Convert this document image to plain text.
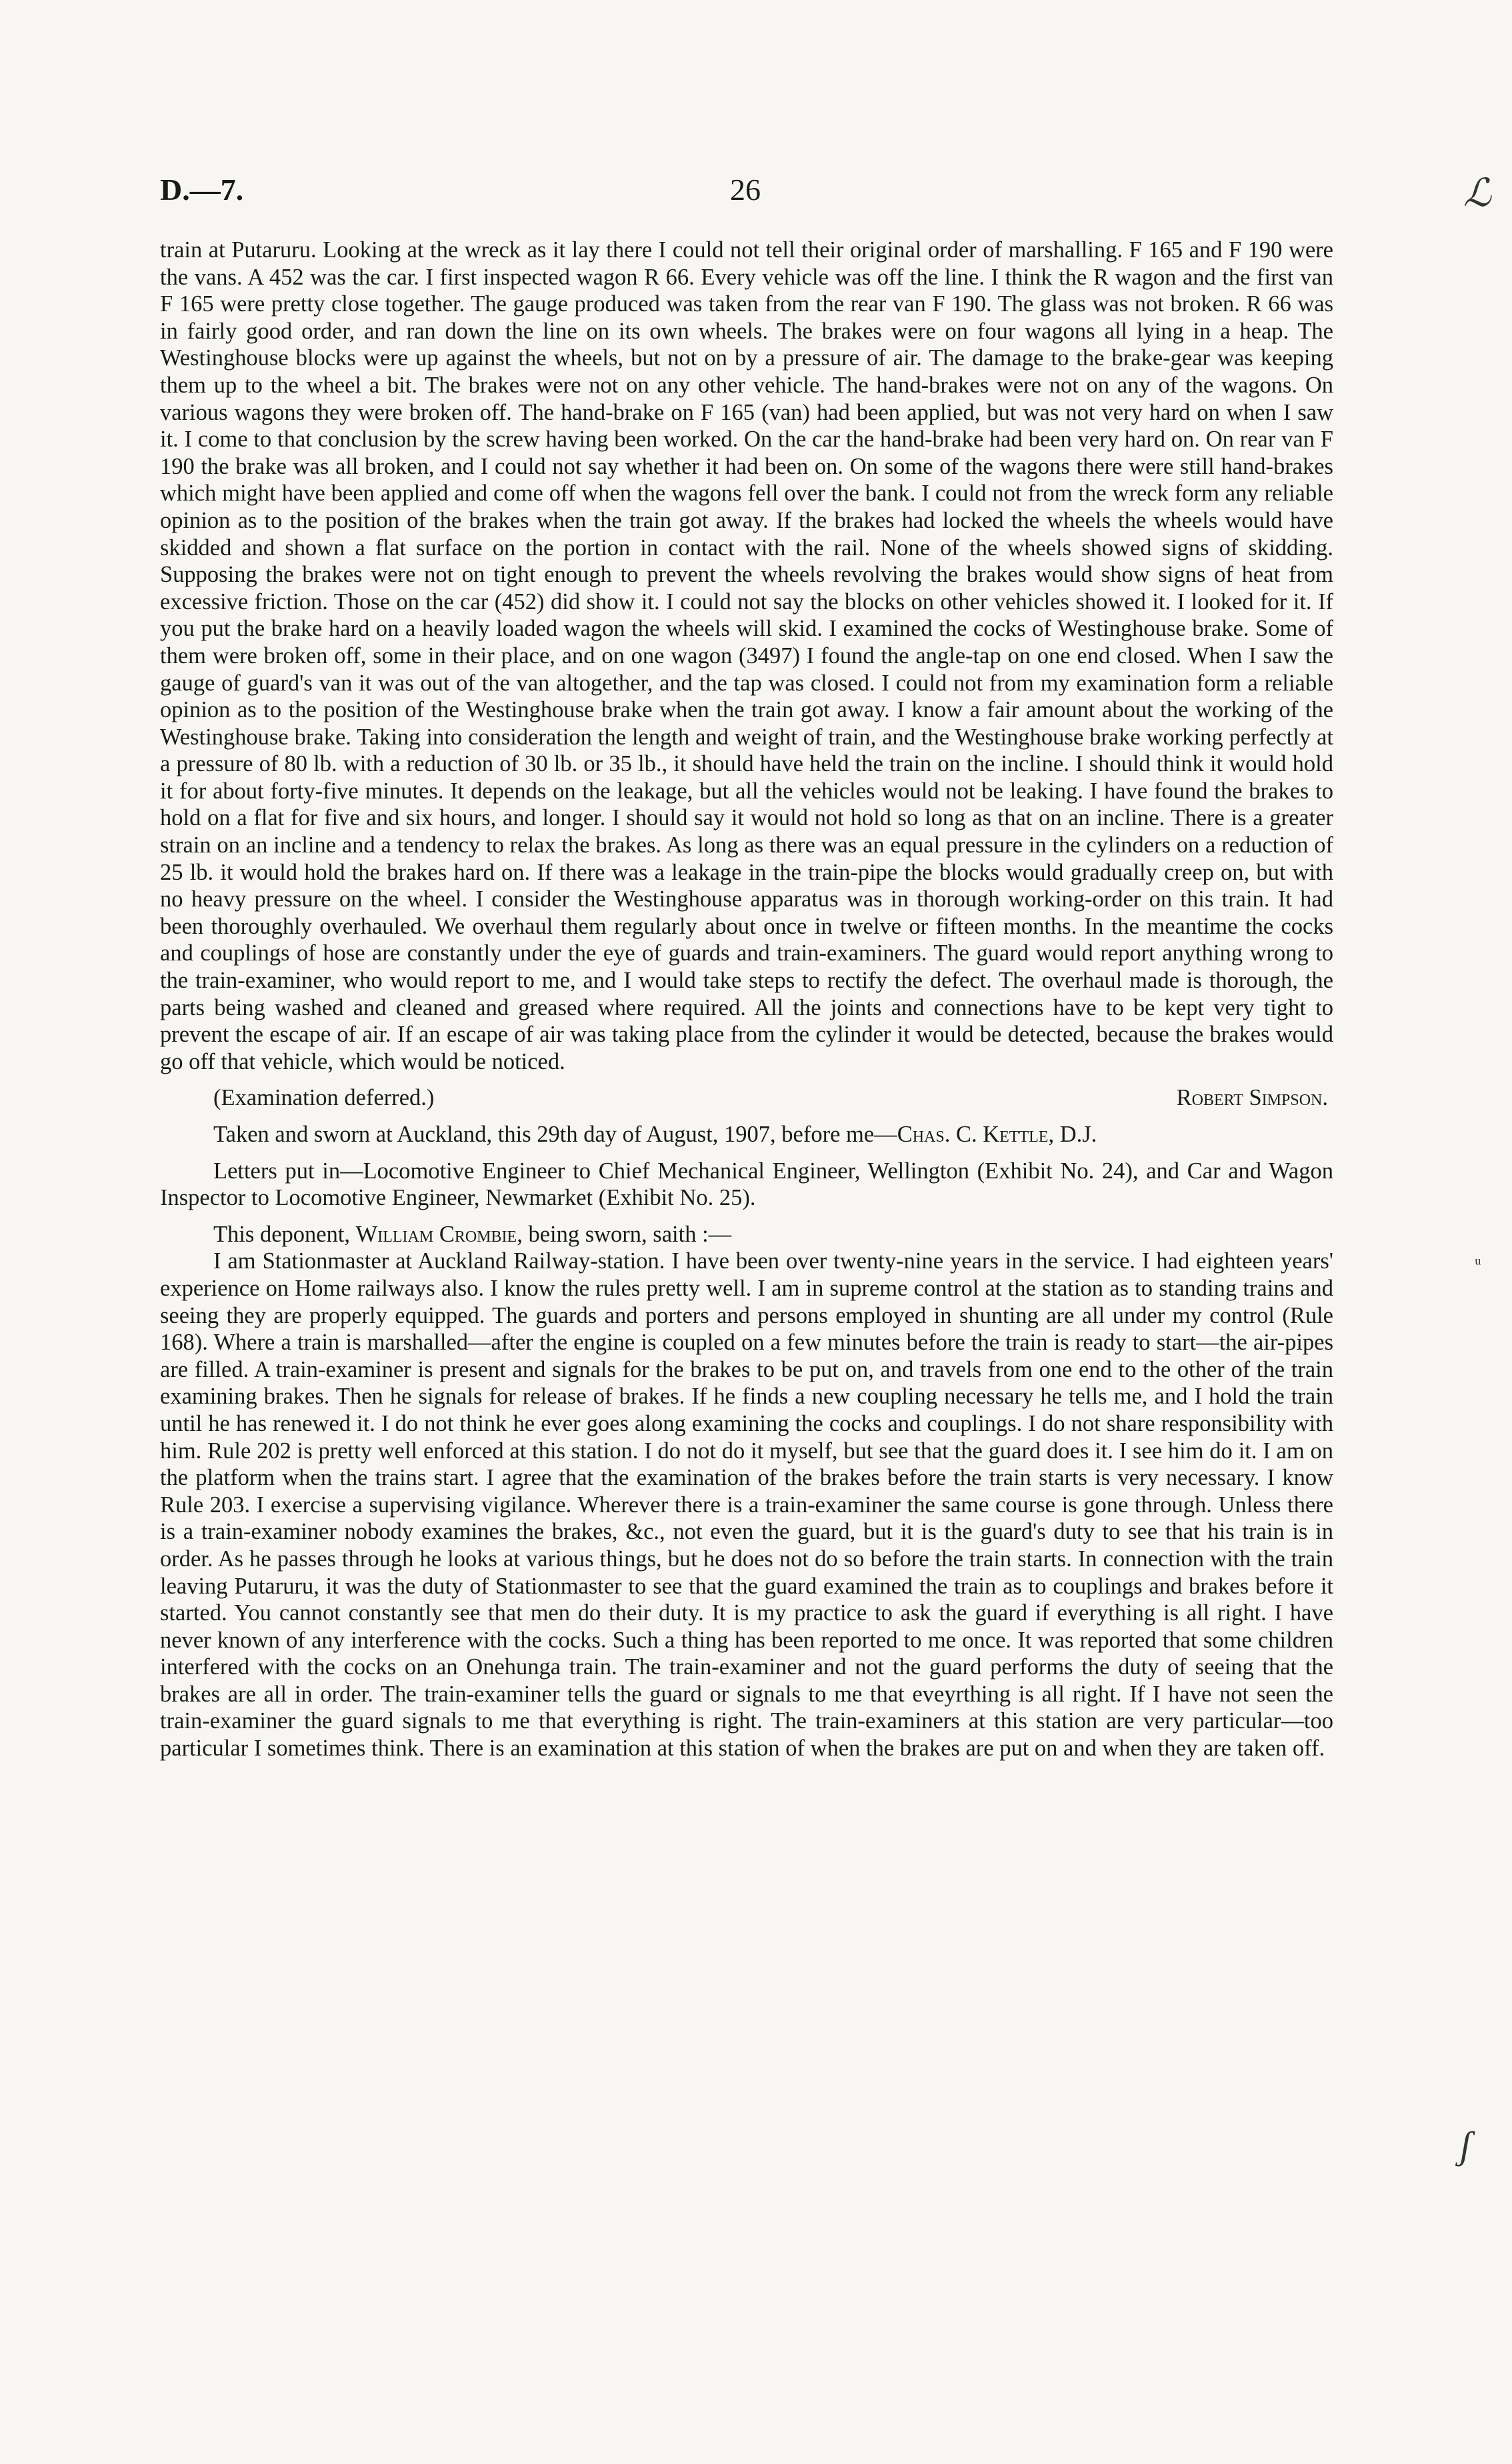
D.—7.	26	ℒ
ᵘ
ʃ

train at Putaruru. Looking at the wreck as it lay there I could not tell their original order of marshalling. F 165 and F 190 were the vans. A 452 was the car. I first inspected wagon R 66. Every vehicle was off the line. I think the R wagon and the first van F 165 were pretty close together. The gauge produced was taken from the rear van F 190. The glass was not broken. R 66 was in fairly good order, and ran down the line on its own wheels. The brakes were on four wagons all lying in a heap. The Westinghouse blocks were up against the wheels, but not on by a pressure of air. The damage to the brake-gear was keeping them up to the wheel a bit. The brakes were not on any other vehicle. The hand-brakes were not on any of the wagons. On various wagons they were broken off. The hand-brake on F 165 (van) had been applied, but was not very hard on when I saw it. I come to that conclusion by the screw having been worked. On the car the hand-brake had been very hard on. On rear van F 190 the brake was all broken, and I could not say whether it had been on. On some of the wagons there were still hand-brakes which might have been applied and come off when the wagons fell over the bank. I could not from the wreck form any reliable opinion as to the position of the brakes when the train got away. If the brakes had locked the wheels the wheels would have skidded and shown a flat surface on the portion in contact with the rail. None of the wheels showed signs of skidding. Supposing the brakes were not on tight enough to prevent the wheels revolving the brakes would show signs of heat from excessive friction. Those on the car (452) did show it. I could not say the blocks on other vehicles showed it. I looked for it. If you put the brake hard on a heavily loaded wagon the wheels will skid. I examined the cocks of Westinghouse brake. Some of them were broken off, some in their place, and on one wagon (3497) I found the angle-tap on one end closed. When I saw the gauge of guard's van it was out of the van altogether, and the tap was closed. I could not from my examination form a reliable opinion as to the position of the Westinghouse brake when the train got away. I know a fair amount about the working of the Westinghouse brake. Taking into consideration the length and weight of train, and the Westinghouse brake working perfectly at a pressure of 80 lb. with a reduction of 30 lb. or 35 lb., it should have held the train on the incline. I should think it would hold it for about forty-five minutes. It depends on the leakage, but all the vehicles would not be leaking. I have found the brakes to hold on a flat for five and six hours, and longer. I should say it would not hold so long as that on an incline. There is a greater strain on an incline and a tendency to relax the brakes. As long as there was an equal pressure in the cylinders on a reduction of 25 lb. it would hold the brakes hard on. If there was a leakage in the train-pipe the blocks would gradually creep on, but with no heavy pressure on the wheel. I consider the Westinghouse apparatus was in thorough working-order on this train. It had been thoroughly overhauled. We overhaul them regularly about once in twelve or fifteen months. In the meantime the cocks and couplings of hose are constantly under the eye of guards and train-examiners. The guard would report anything wrong to the train-examiner, who would report to me, and I would take steps to rectify the defect. The overhaul made is thorough, the parts being washed and cleaned and greased where required. All the joints and connections have to be kept very tight to prevent the escape of air. If an escape of air was taking place from the cylinder it would be detected, because the brakes would go off that vehicle, which would be noticed.

(Examination deferred.)	Robert Simpson.

Taken and sworn at Auckland, this 29th day of August, 1907, before me—Chas. C. Kettle, D.J.

Letters put in—Locomotive Engineer to Chief Mechanical Engineer, Wellington (Exhibit No. 24), and Car and Wagon Inspector to Locomotive Engineer, Newmarket (Exhibit No. 25).

This deponent, William Crombie, being sworn, saith :—

I am Stationmaster at Auckland Railway-station. I have been over twenty-nine years in the service. I had eighteen years' experience on Home railways also. I know the rules pretty well. I am in supreme control at the station as to standing trains and seeing they are properly equipped. The guards and porters and persons employed in shunting are all under my control (Rule 168). Where a train is marshalled—after the engine is coupled on a few minutes before the train is ready to start—the air-pipes are filled. A train-examiner is present and signals for the brakes to be put on, and travels from one end to the other of the train examining brakes. Then he signals for release of brakes. If he finds a new coupling necessary he tells me, and I hold the train until he has renewed it. I do not think he ever goes along examining the cocks and couplings. I do not share responsibility with him. Rule 202 is pretty well enforced at this station. I do not do it myself, but see that the guard does it. I see him do it. I am on the platform when the trains start. I agree that the examination of the brakes before the train starts is very necessary. I know Rule 203. I exercise a supervising vigilance. Wherever there is a train-examiner the same course is gone through. Unless there is a train-examiner nobody examines the brakes, &c., not even the guard, but it is the guard's duty to see that his train is in order. As he passes through he looks at various things, but he does not do so before the train starts. In connection with the train leaving Putaruru, it was the duty of Stationmaster to see that the guard examined the train as to couplings and brakes before it started. You cannot constantly see that men do their duty. It is my practice to ask the guard if everything is all right. I have never known of any interference with the cocks. Such a thing has been reported to me once. It was reported that some children interfered with the cocks on an Onehunga train. The train-examiner and not the guard performs the duty of seeing that the brakes are all in order. The train-examiner tells the guard or signals to me that eveyrthing is all right. If I have not seen the train-examiner the guard signals to me that everything is right. The train-examiners at this station are very particular—too particular I sometimes think. There is an examination at this station of when the brakes are put on and when they are taken off.
